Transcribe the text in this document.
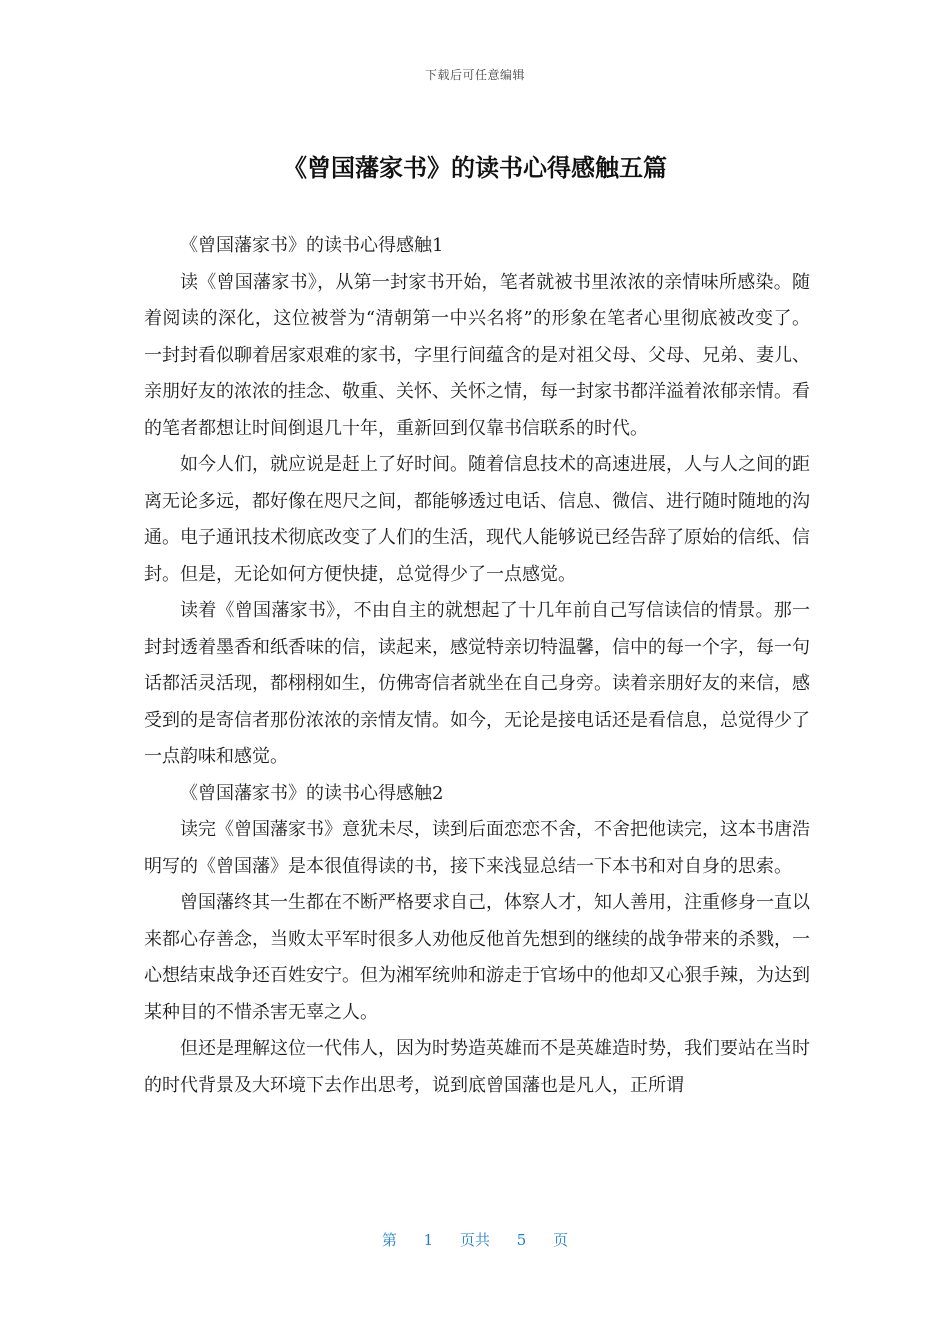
下载后可任意编辑
《曾国藩家书》的读书心得感触五篇

《曾国藩家书》的读书心得感触1

读《曾国藩家书》，从第一封家书开始，笔者就被书里浓浓的亲情味所感染。随着阅读的深化，这位被誉为“清朝第一中兴名将”的形象在笔者心里彻底被改变了。一封封看似聊着居家艰难的家书，字里行间蕴含的是对祖父母、父母、兄弟、妻儿、亲朋好友的浓浓的挂念、敬重、关怀、关怀之情，每一封家书都洋溢着浓郁亲情。看的笔者都想让时间倒退几十年，重新回到仅靠书信联系的时代。

如今人们，就应说是赶上了好时间。随着信息技术的高速进展，人与人之间的距离无论多远，都好像在咫尺之间，都能够透过电话、信息、微信、进行随时随地的沟通。电子通讯技术彻底改变了人们的生活，现代人能够说已经告辞了原始的信纸、信封。但是，无论如何方便快捷，总觉得少了一点感觉。

读着《曾国藩家书》，不由自主的就想起了十几年前自己写信读信的情景。那一封封透着墨香和纸香味的信，读起来，感觉特亲切特温馨，信中的每一个字，每一句话都活灵活现，都栩栩如生，仿佛寄信者就坐在自己身旁。读着亲朋好友的来信，感受到的是寄信者那份浓浓的亲情友情。如今，无论是接电话还是看信息，总觉得少了一点韵味和感觉。

《曾国藩家书》的读书心得感触2

读完《曾国藩家书》意犹未尽，读到后面恋恋不舍，不舍把他读完，这本书唐浩明写的《曾国藩》是本很值得读的书，接下来浅显总结一下本书和对自身的思索。

曾国藩终其一生都在不断严格要求自己，体察人才，知人善用，注重修身一直以来都心存善念，当败太平军时很多人劝他反他首先想到的继续的战争带来的杀戮，一心想结束战争还百姓安宁。但为湘军统帅和游走于官场中的他却又心狠手辣，为达到某种目的不惜杀害无辜之人。

但还是理解这位一代伟人，因为时势造英雄而不是英雄造时势，我们要站在当时的时代背景及大环境下去作出思考，说到底曾国藩也是凡人，正所谓

第 1 页共 5 页
